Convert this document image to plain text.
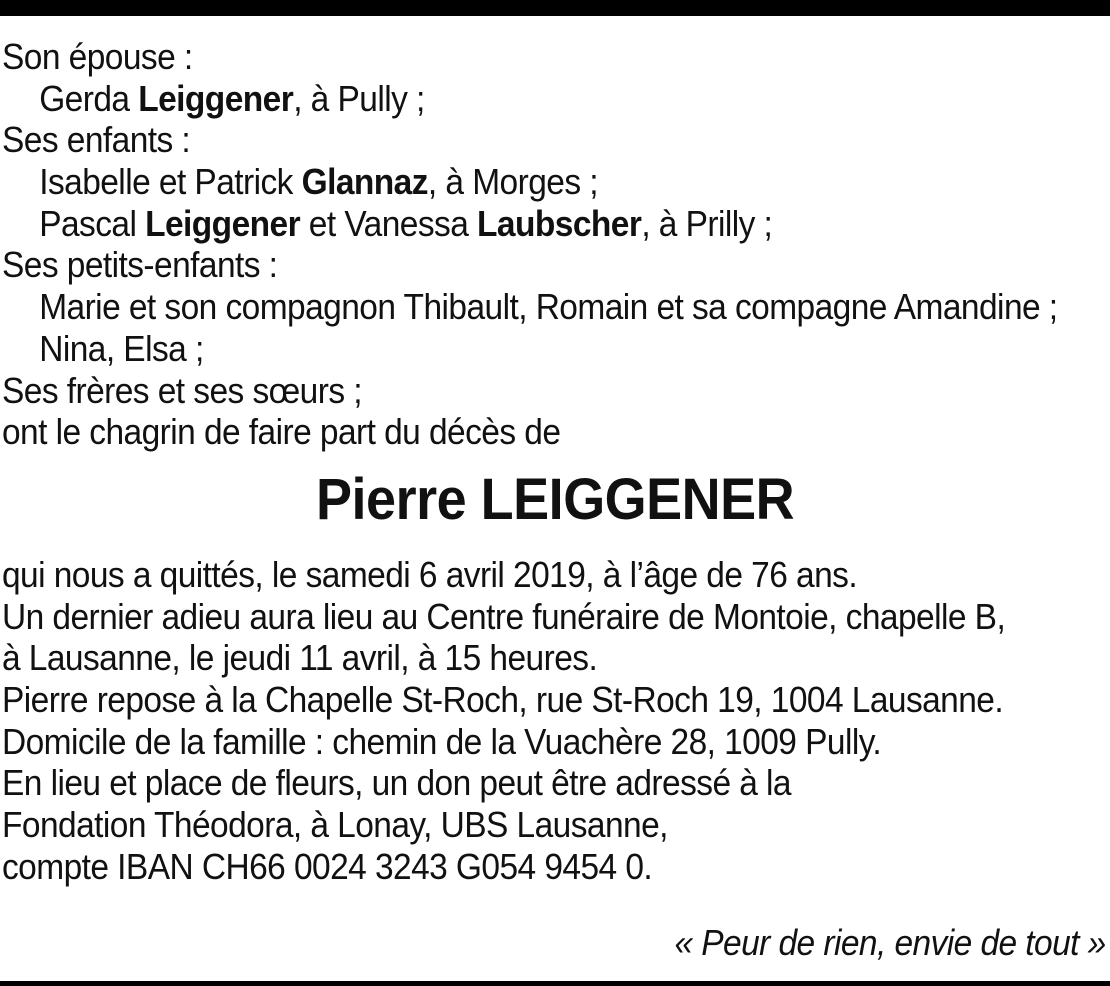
Son épouse :
Gerda Leiggener, à Pully ;
Ses enfants :
Isabelle et Patrick Glannaz, à Morges ;
Pascal Leiggener et Vanessa Laubscher, à Prilly ;
Ses petits-enfants :
Marie et son compagnon Thibault, Romain et sa compagne Amandine ;
Nina, Elsa ;
Ses frères et ses sœurs ;
ont le chagrin de faire part du décès de
Pierre LEIGGENER
qui nous a quittés, le samedi 6 avril 2019, à l’âge de 76 ans.
Un dernier adieu aura lieu au Centre funéraire de Montoie, chapelle B,
à Lausanne, le jeudi 11 avril, à 15 heures.
Pierre repose à la Chapelle St-Roch, rue St-Roch 19, 1004 Lausanne.
Domicile de la famille : chemin de la Vuachère 28, 1009 Pully.
En lieu et place de fleurs, un don peut être adressé à la
Fondation Théodora, à Lonay, UBS Lausanne,
compte IBAN CH66 0024 3243 G054 9454 0.
« Peur de rien, envie de tout »
